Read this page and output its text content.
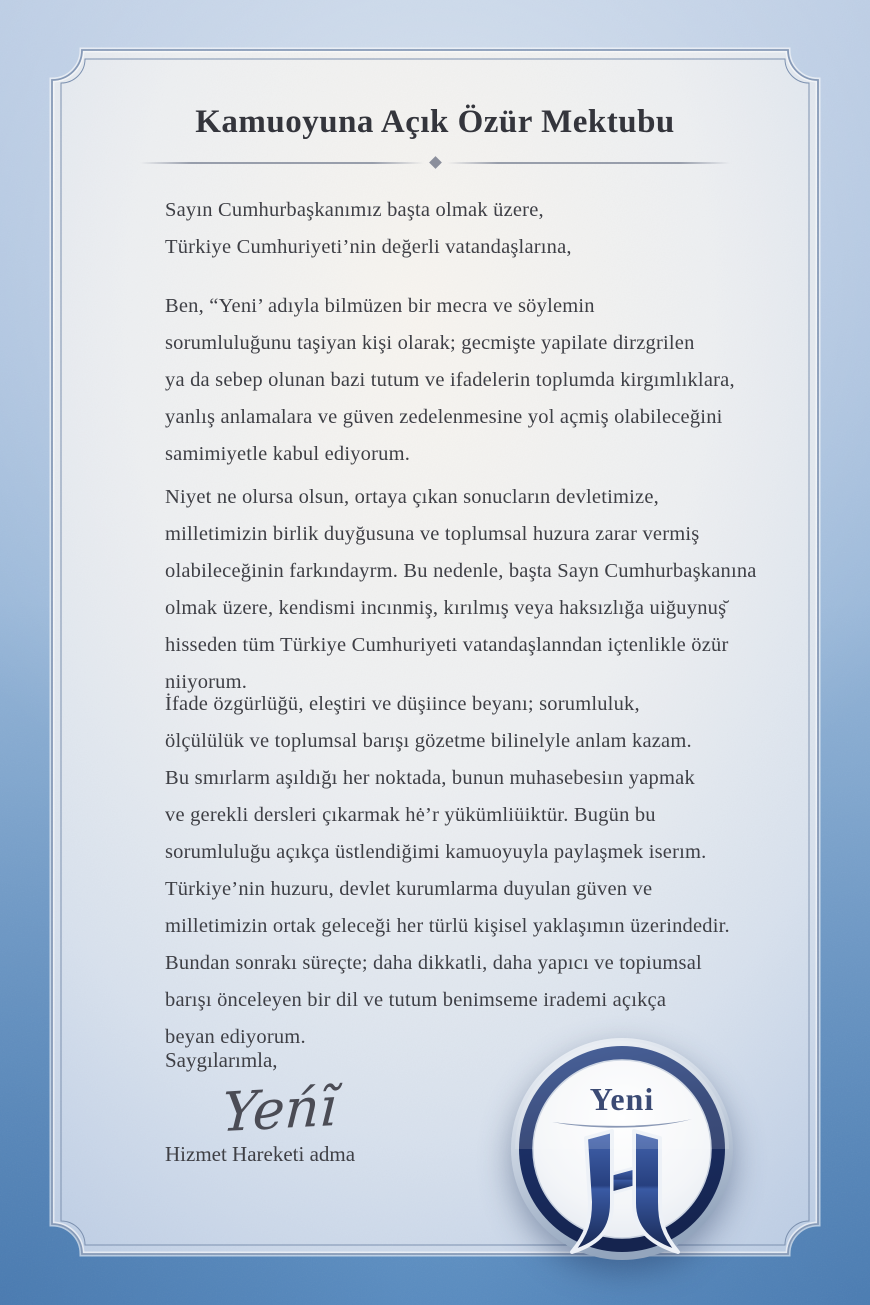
Kamuoyuna Açık Özür Mektubu
Sayın Cumhurbaşkanımız başta olmak üzere,
Türkiye Cumhuriyeti’nin değerli vatandaşlarına,
Ben, “Yeni’ adıyla bilmüzen bir mecra ve söylemin
sorumluluğunu taşiyan kişi olarak; gecmişte yapilate dirzgrilen
ya da sebep olunan bazi tutum ve ifadelerin toplumda kirgımlıklara,
yanlış anlamalara ve güven zedelenmesine yol açmiş olabileceğini
samimiyetle kabul ediyorum.
Niyet ne olursa olsun, ortaya çıkan sonucların devletimize,
milletimizin birlik duyğusuna ve toplumsal huzura zarar vermiş
olabileceğinin farkındayrm. Bu nedenle, başta Sayn Cumhurbaşkanına
olmak üzere, kendismi incınmiş, kırılmış veya haksızlığa uiğuynuş̆
hisseden tüm Türkiye Cumhuriyeti vatandaşlanndan içtenlikle özür
niiyorum.
İfade özgürlüğü, eleştiri ve düşiince beyanı; sorumluluk,
ölçülülük ve toplumsal barışı gözetme bilinelyle anlam kazam.
Bu smırlarm aşıldığı her noktada, bunun muhasebesiın yapmak
ve gerekli dersleri çıkarmak hė’r yükümliüiktür. Bugün bu
sorumluluğu açıkça üstlendiğimi kamuoyuyla paylaşmek iserım.
Türkiye’nin huzuru, devlet kurumlarma duyulan güven ve
milletimizin ortak geleceği her türlü kişisel yaklaşımın üzerindedir.
Bundan sonrakı süreçte; daha dikkatli, daha yapıcı ve topiumsal
barışı önceleyen bir dil ve tutum benimseme irademi açıkça
beyan ediyorum.
Saygılarımla,
Yeńĩ
Hizmet Hareketi adma
Yeni
